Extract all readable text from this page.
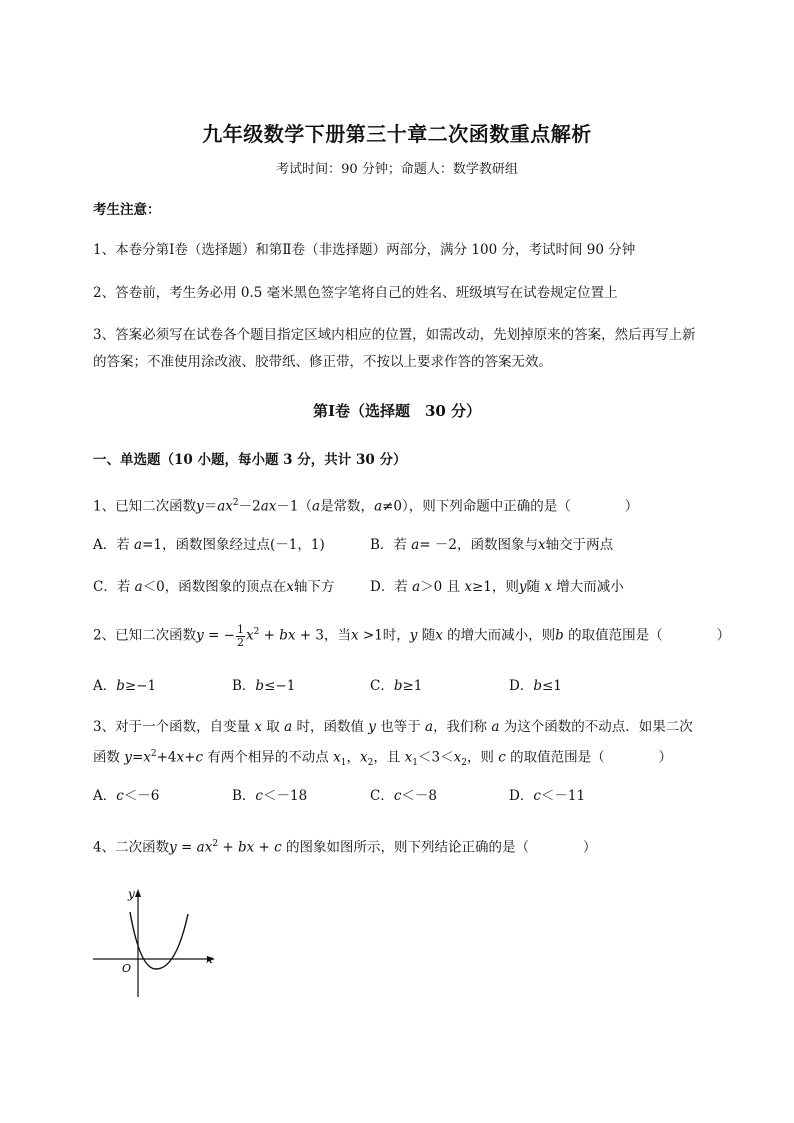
九年级数学下册第三十章二次函数重点解析
考试时间：90 分钟；命题人：数学教研组
考生注意：
1、本卷分第Ⅰ卷（选择题）和第Ⅱ卷（非选择题）两部分，满分 100 分，考试时间 90 分钟
2、答卷前，考生务必用 0.5 毫米黑色签字笔将自己的姓名、班级填写在试卷规定位置上
3、答案必须写在试卷各个题目指定区域内相应的位置，如需改动，先划掉原来的答案，然后再写上新
的答案；不准使用涂改液、胶带纸、修正带，不按以上要求作答的答案无效。
第Ⅰ卷（选择题　30 分）
一、单选题（10 小题，每小题 3 分，共计 30 分）
1、已知二次函数$y=ax^2-2ax-1(a$是常数，a≠0），则下列命题中正确的是（　　　　）
A．若 a=1，函数图象经过点(－1，1)	B．若 a= －2，函数图象与x轴交于两点
C．若 a＜0，函数图象的顶点在x轴下方	D．若 a＞0 且 x≥1，则y随 x 增大而减小
2、已知二次函数y = − $\frac{1}{2} x^2$ + bx + 3，当x >1时，y 随x 的增大而减小，则b 的取值范围是（　　　　）
A．b≥−1	B．b≤−1	C．b≥1	D．b≤1
3、对于一个函数，自变量 x 取 a 时，函数值 y 也等于 a，我们称 a 为这个函数的不动点．如果二次
函数 $y=x^2+4x+c$ 有两个相异的不动点 $x_1$，$x_2$，且 $x_1<3<x_2$，则 c 的取值范围是（　　　　）
A．c＜－6	B．c＜－18	C．c＜－8	D．c＜－11
4、二次函数$y = ax^2$ + bx + c 的图象如图所示，则下列结论正确的是（　　　　）
y
x
O
